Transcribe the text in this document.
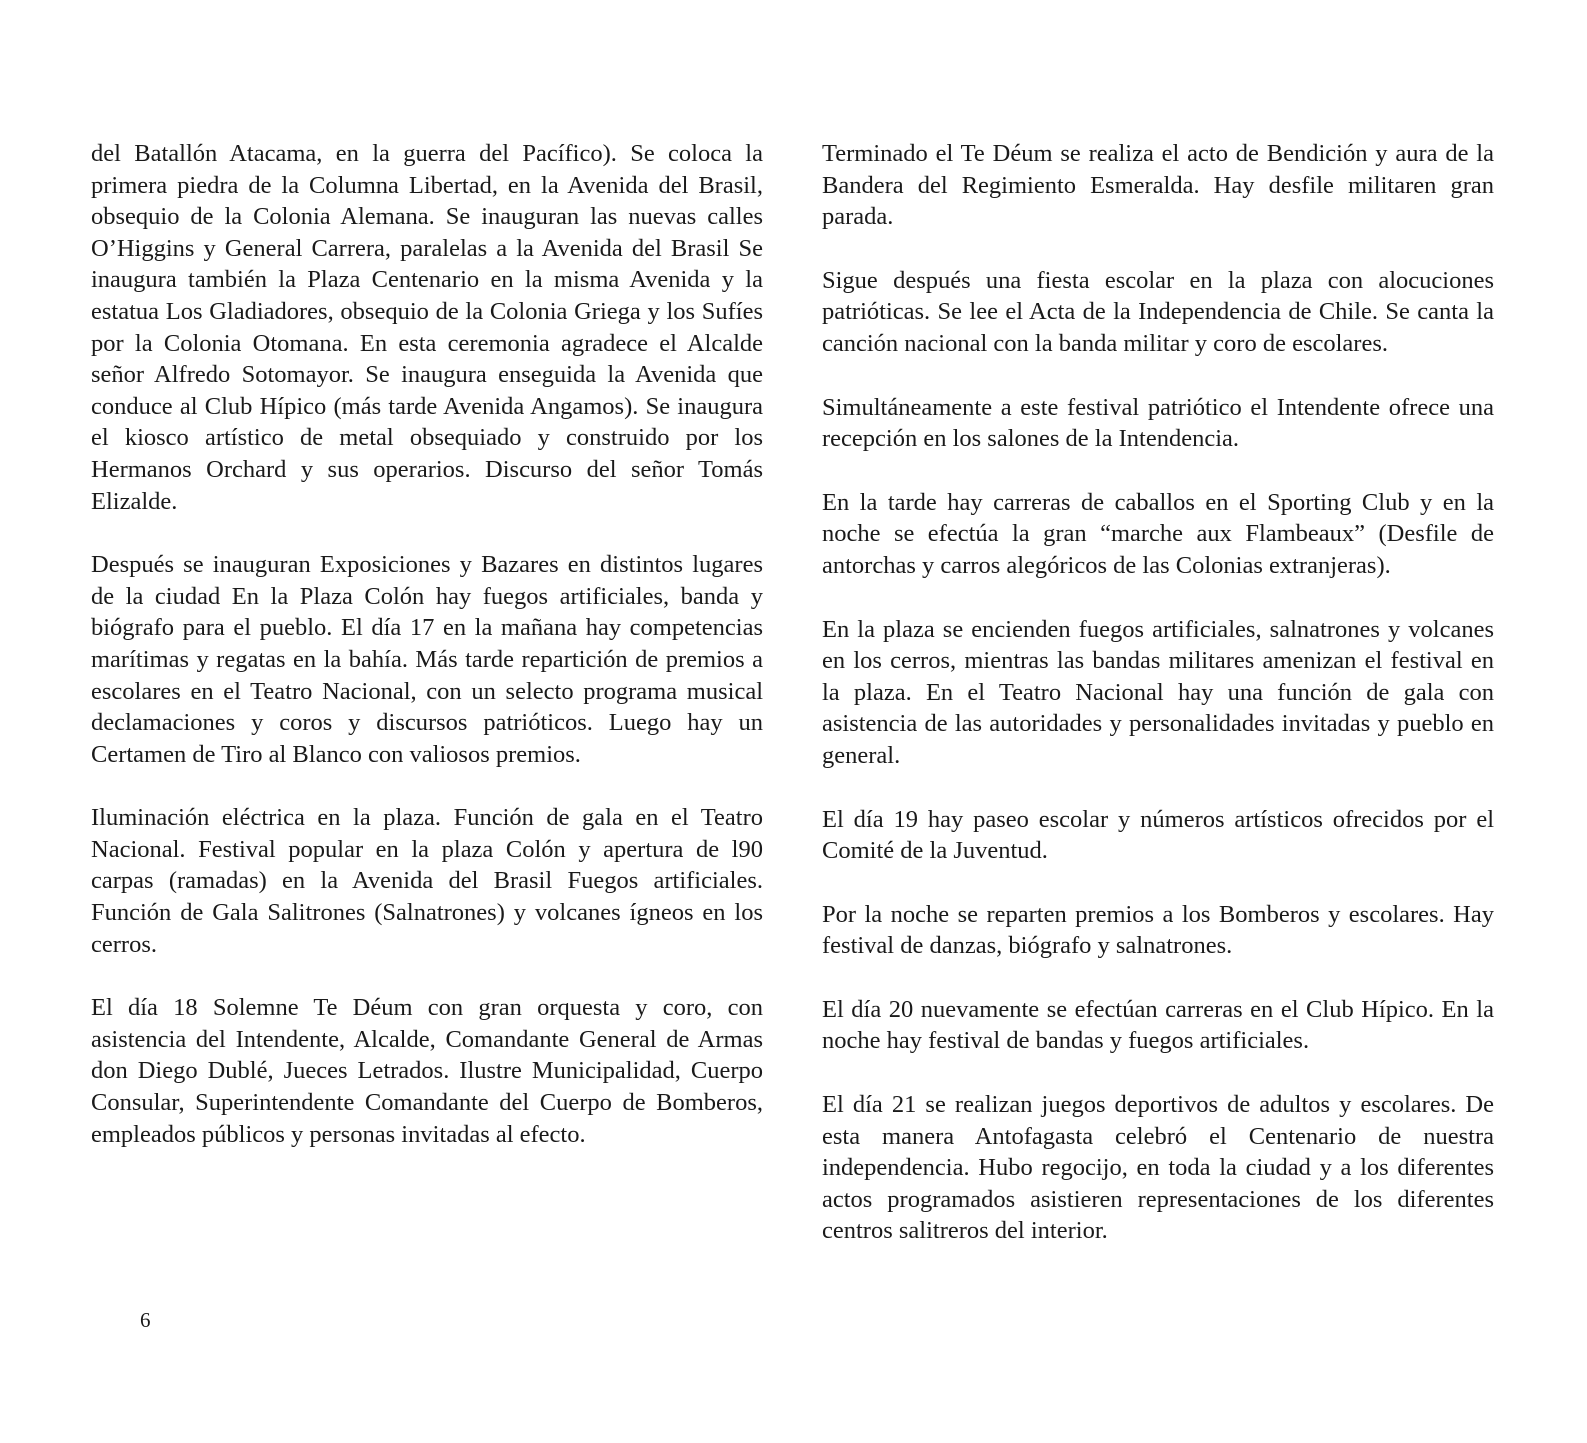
del Batallón Atacama, en la guerra del Pacífico). Se coloca la primera piedra de la Columna Libertad, en la Avenida del Brasil, obsequio de la Colonia Alemana. Se inauguran las nuevas calles O’Higgins y General Carrera, paralelas a la Avenida del Brasil Se inaugura también la Plaza Centenario en la misma Avenida y la estatua Los Gladiadores, obsequio de la Colonia Griega y los Sufíes por la Colonia Otomana. En esta ceremonia agradece el Alcalde señor Alfredo Sotomayor. Se inaugura enseguida la Avenida que conduce al Club Hípico (más tarde Avenida Angamos). Se inaugura el kiosco artístico de metal obsequiado y construido por los Hermanos Orchard y sus operarios. Discurso del señor Tomás Elizalde.

Después se inauguran Exposiciones y Bazares en distintos lugares de la ciudad En la Plaza Colón hay fuegos artificiales, banda y biógrafo para el pueblo. El día 17 en la mañana hay competencias marítimas y regatas en la bahía. Más tarde repartición de premios a escolares en el Teatro Nacional, con un selecto programa musical declamaciones y coros y discursos patrióticos. Luego hay un Certamen de Tiro al Blanco con valiosos premios.

Iluminación eléctrica en la plaza. Función de gala en el Teatro Nacional. Festival popular en la plaza Colón y apertura de l90 carpas (ramadas) en la Avenida del Brasil Fuegos artificiales. Función de Gala Salitrones (Salnatrones) y volcanes ígneos en los cerros.

El día 18 Solemne Te Déum con gran orquesta y coro, con asistencia del Intendente, Alcalde, Comandante General de Armas don Diego Dublé, Jueces Letrados. Ilustre Municipalidad, Cuerpo Consular, Superintendente Comandante del Cuerpo de Bomberos, empleados públicos y personas invitadas al efecto.

Terminado el Te Déum se realiza el acto de Bendición y aura de la Bandera del Regimiento Esmeralda. Hay desfile militaren gran parada.

Sigue después una fiesta escolar en la plaza con alocuciones patrióticas. Se lee el Acta de la Independencia de Chile. Se canta la canción nacional con la banda militar y coro de escolares.

Simultáneamente a este festival patriótico el Intendente ofrece una recepción en los salones de la Intendencia.

En la tarde hay carreras de caballos en el Sporting Club y en la noche se efectúa la gran “marche aux Flambeaux” (Desfile de antorchas y carros alegóricos de las Colonias extranjeras).

En la plaza se encienden fuegos artificiales, salnatrones y volcanes en los cerros, mientras las bandas militares amenizan el festival en la plaza. En el Teatro Nacional hay una función de gala con asistencia de las autoridades y personalidades invitadas y pueblo en general.

El día 19 hay paseo escolar y números artísticos ofrecidos por el Comité de la Juventud.

Por la noche se reparten premios a los Bomberos y escolares. Hay festival de danzas, biógrafo y salnatrones.

El día 20 nuevamente se efectúan carreras en el Club Hípico. En la noche hay festival de bandas y fuegos artificiales.

El día 21 se realizan juegos deportivos de adultos y escolares. De esta manera Antofagasta celebró el Centenario de nuestra independencia. Hubo regocijo, en toda la ciudad y a los diferentes actos programados asistieren representaciones de los diferentes centros salitreros del interior.

6
